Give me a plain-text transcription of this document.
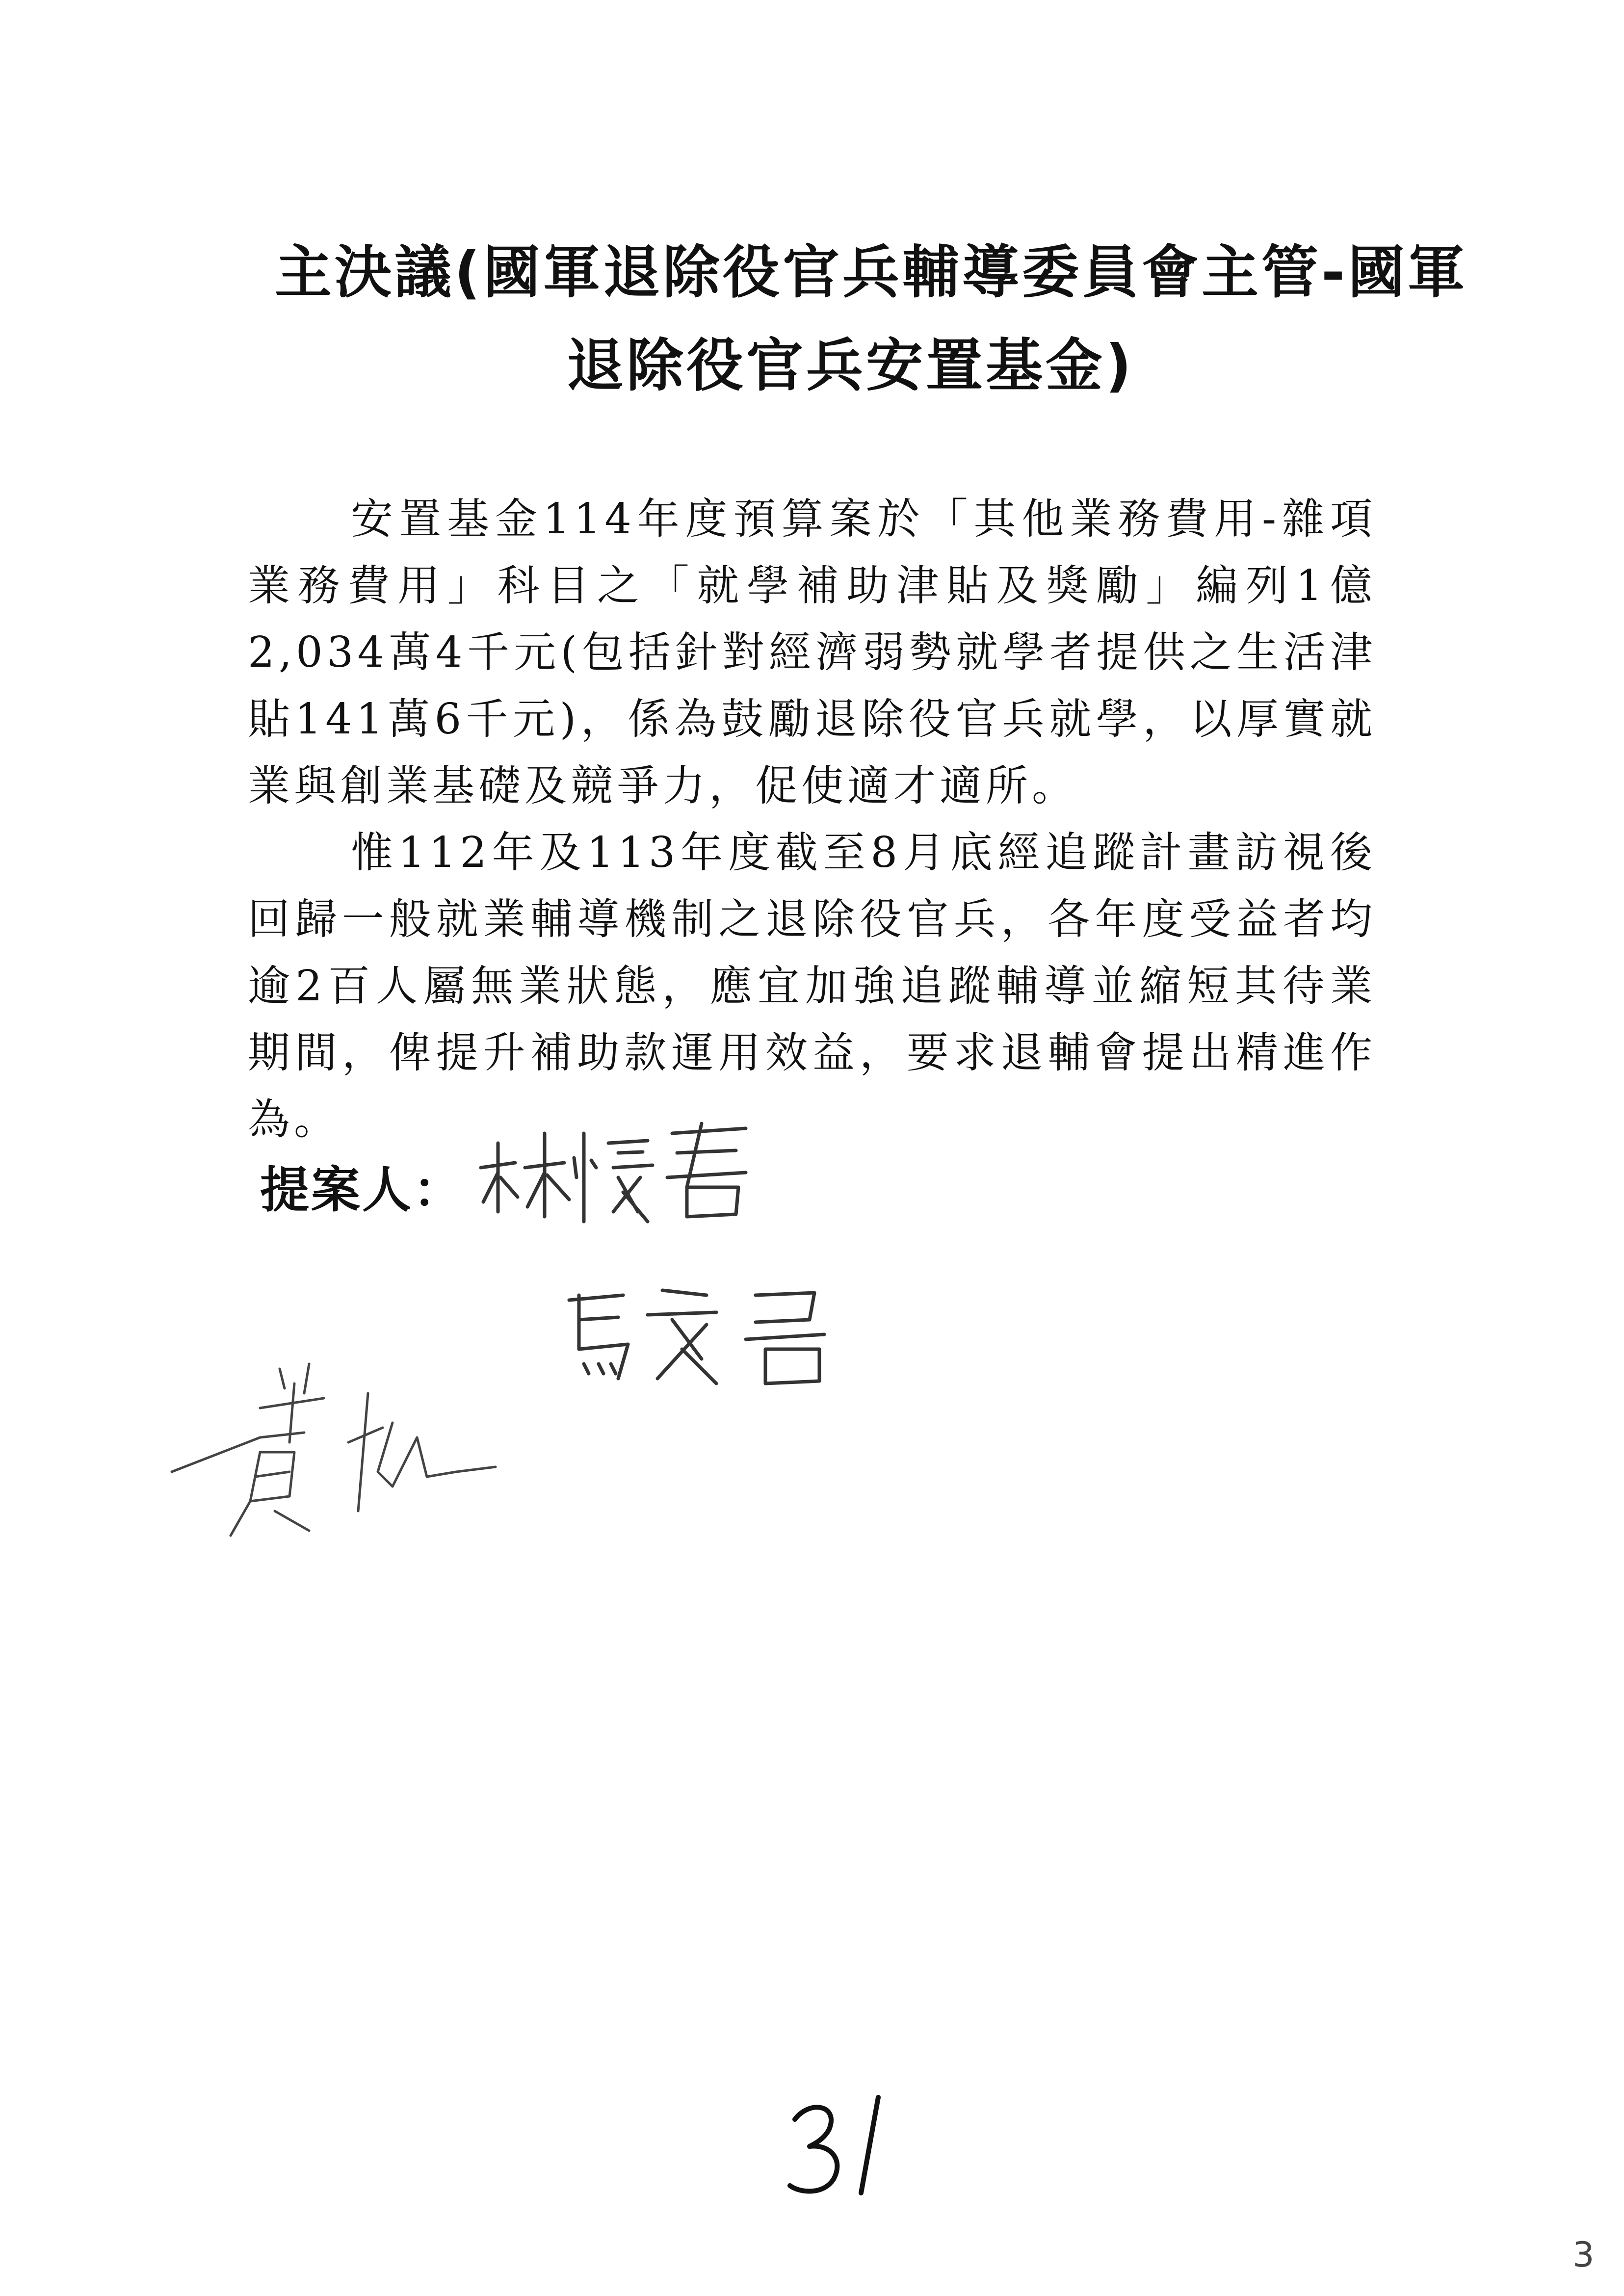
主決議(國軍退除役官兵輔導委員會主管-國軍
退除役官兵安置基金)

安置基金114年度預算案於「其他業務費用-雜項業務費用」科目之「就學補助津貼及獎勵」編列1億2,034萬4千元(包括針對經濟弱勢就學者提供之生活津貼141萬6千元)，係為鼓勵退除役官兵就學，以厚實就業與創業基礎及競爭力，促使適才適所。

惟112年及113年度截至8月底經追蹤計畫訪視後回歸一般就業輔導機制之退除役官兵，各年度受益者均逾2百人屬無業狀態，應宜加強追蹤輔導並縮短其待業期間，俾提升補助款運用效益，要求退輔會提出精進作為。

提案人：
3
